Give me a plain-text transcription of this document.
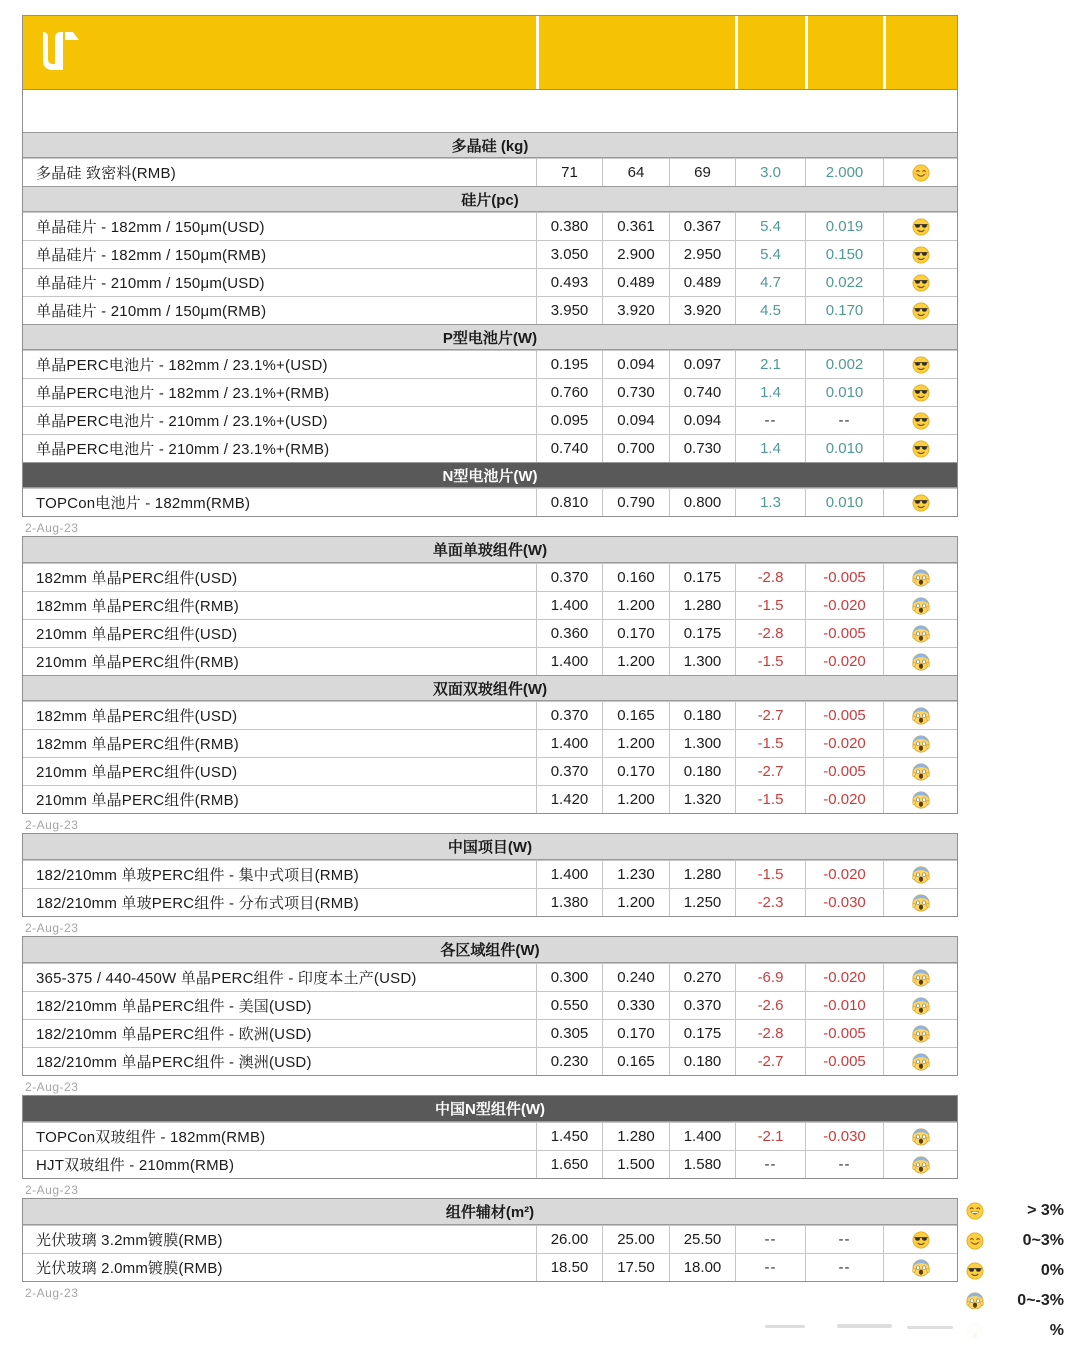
多晶硅 (kg)
多晶硅 致密料(RMB)	71	64	69	3.0	2.000
硅片(pc)
单晶硅片 - 182mm / 150μm(USD)	0.380	0.361	0.367	5.4	0.019
单晶硅片 - 182mm / 150μm(RMB)	3.050	2.900	2.950	5.4	0.150
单晶硅片 - 210mm / 150μm(USD)	0.493	0.489	0.489	4.7	0.022
单晶硅片 - 210mm / 150μm(RMB)	3.950	3.920	3.920	4.5	0.170
P型电池片(W)
单晶PERC电池片 - 182mm / 23.1%+(USD)	0.195	0.094	0.097	2.1	0.002
单晶PERC电池片 - 182mm / 23.1%+(RMB)	0.760	0.730	0.740	1.4	0.010
单晶PERC电池片 - 210mm / 23.1%+(USD)	0.095	0.094	0.094	--	--
单晶PERC电池片 - 210mm / 23.1%+(RMB)	0.740	0.700	0.730	1.4	0.010
N型电池片(W)
TOPCon电池片 - 182mm(RMB)	0.810	0.790	0.800	1.3	0.010
2-Aug-23
单面单玻组件(W)
182mm 单晶PERC组件(USD)	0.370	0.160	0.175	-2.8	-0.005
182mm 单晶PERC组件(RMB)	1.400	1.200	1.280	-1.5	-0.020
210mm 单晶PERC组件(USD)	0.360	0.170	0.175	-2.8	-0.005
210mm 单晶PERC组件(RMB)	1.400	1.200	1.300	-1.5	-0.020
双面双玻组件(W)
182mm 单晶PERC组件(USD)	0.370	0.165	0.180	-2.7	-0.005
182mm 单晶PERC组件(RMB)	1.400	1.200	1.300	-1.5	-0.020
210mm 单晶PERC组件(USD)	0.370	0.170	0.180	-2.7	-0.005
210mm 单晶PERC组件(RMB)	1.420	1.200	1.320	-1.5	-0.020
2-Aug-23
中国项目(W)
182/210mm 单玻PERC组件 - 集中式项目(RMB)	1.400	1.230	1.280	-1.5	-0.020
182/210mm 单玻PERC组件 - 分布式项目(RMB)	1.380	1.200	1.250	-2.3	-0.030
2-Aug-23
各区域组件(W)
365-375 / 440-450W 单晶PERC组件 - 印度本土产(USD)	0.300	0.240	0.270	-6.9	-0.020
182/210mm 单晶PERC组件 - 美国(USD)	0.550	0.330	0.370	-2.6	-0.010
182/210mm 单晶PERC组件 - 欧洲(USD)	0.305	0.170	0.175	-2.8	-0.005
182/210mm 单晶PERC组件 - 澳洲(USD)	0.230	0.165	0.180	-2.7	-0.005
2-Aug-23
中国N型组件(W)
TOPCon双玻组件 - 182mm(RMB)	1.450	1.280	1.400	-2.1	-0.030
HJT双玻组件 - 210mm(RMB)	1.650	1.500	1.580	--	--
2-Aug-23
组件辅材(m²)
光伏玻璃 3.2mm镀膜(RMB)	26.00	25.00	25.50	--	--
光伏玻璃 2.0mm镀膜(RMB)	18.50	17.50	18.00	--	--
2-Aug-23
> 3%
0~3%
0%
0~-3%
%
